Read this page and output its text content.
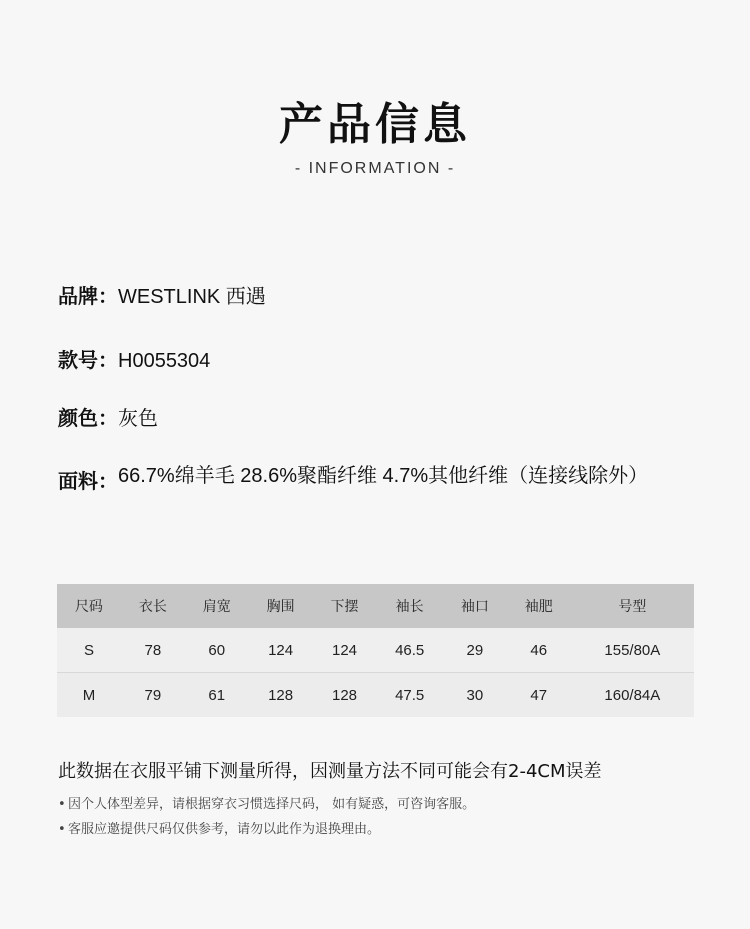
产品信息
- INFORMATION -
品牌：WESTLINK 西遇
款号：H0055304
颜色：灰色
面料： 66.7%绵羊毛 28.6%聚酯纤维 4.7%其他纤维（连接线除外）
尺码	衣长	肩宽	胸围	下摆	袖长	袖口	袖肥	号型
S	78	60	124	124	46.5	29	46	155/80A
M	79	61	128	128	47.5	30	47	160/84A
此数据在衣服平铺下测量所得，因测量方法不同可能会有2-4CM误差
• 因个人体型差异，请根据穿衣习惯选择尺码， 如有疑惑，可咨询客服。
• 客服应邀提供尺码仅供参考，请勿以此作为退换理由。
